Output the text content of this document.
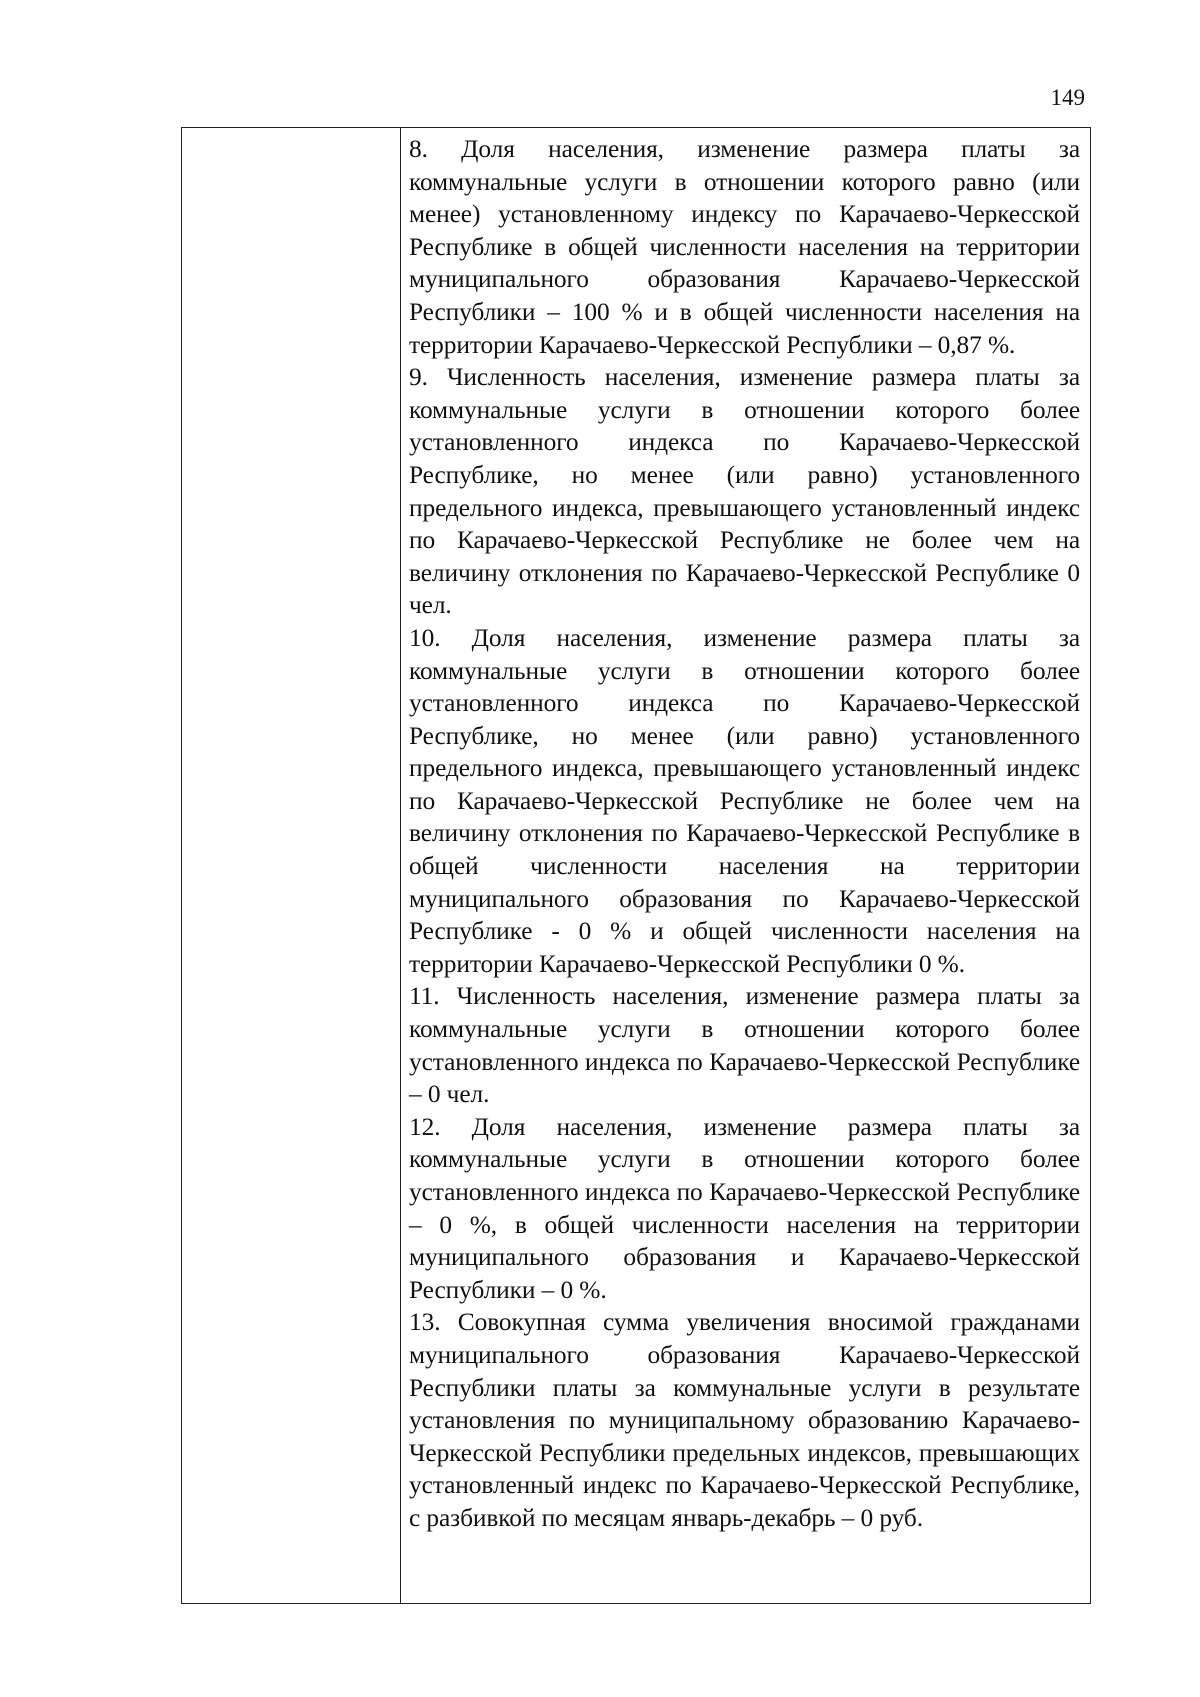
149

8. Доля населения, изменение размера платы за коммунальные услуги в отношении которого равно (или менее) установленному индексу по Карачаево-Черкесской Республике в общей численности населения на территории муниципального образования Карачаево-Черкесской Республики – 100 % и в общей численности населения на территории Карачаево-Черкесской Республики – 0,87 %.

9. Численность населения, изменение размера платы за коммунальные услуги в отношении которого более установленного индекса по Карачаево-Черкесской Республике, но менее (или равно) установленного предельного индекса, превышающего установленный индекс по Карачаево-Черкесской Республике не более чем на величину отклонения по Карачаево-Черкесской Республике 0 чел.

10. Доля населения, изменение размера платы за коммунальные услуги в отношении которого более установленного индекса по Карачаево-Черкесской Республике, но менее (или равно) установленного предельного индекса, превышающего установленный индекс по Карачаево-Черкесской Республике не более чем на величину отклонения по Карачаево-Черкесской Республике в общей численности населения на территории муниципального образования по Карачаево-Черкесской Республике - 0 % и общей численности населения на территории Карачаево-Черкесской Республики 0 %.

11. Численность населения, изменение размера платы за коммунальные услуги в отношении которого более установленного индекса по Карачаево-Черкесской Республике – 0 чел.

12. Доля населения, изменение размера платы за коммунальные услуги в отношении которого более установленного индекса по Карачаево-Черкесской Республике – 0 %, в общей численности населения на территории муниципального образования и Карачаево-Черкесской Республики – 0 %.

13. Совокупная сумма увеличения вносимой гражданами муниципального образования Карачаево-Черкесской Республики платы за коммунальные услуги в результате установления по муниципальному образованию Карачаево-Черкесской Республики предельных индексов, превышающих установленный индекс по Карачаево-Черкесской Республике, с разбивкой по месяцам январь-декабрь – 0 руб.
